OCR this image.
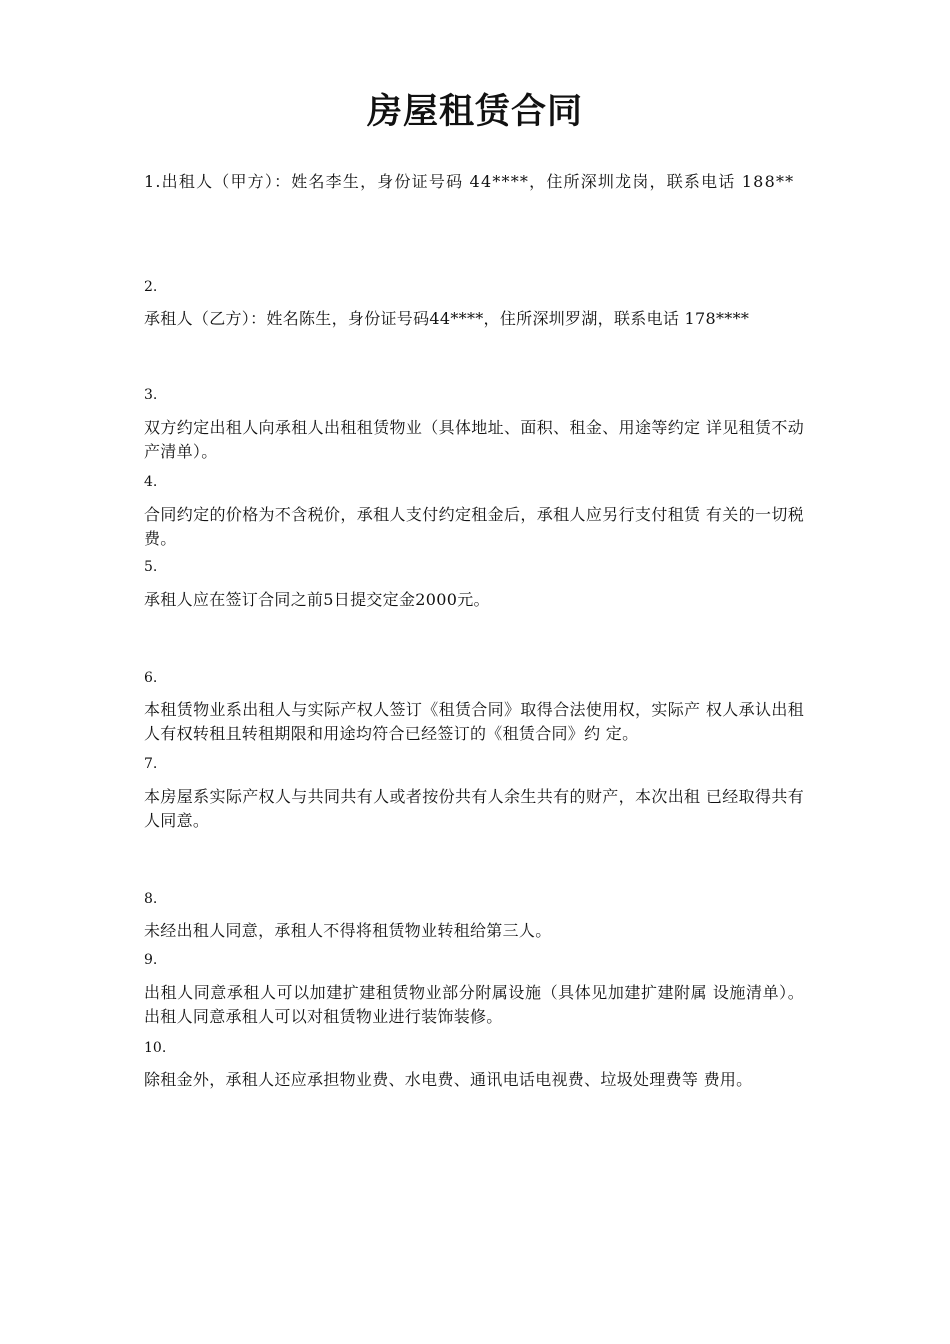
房屋租赁合同

1.出租人（甲方）：姓名李生，身份证号码 44****，住所深圳龙岗，联系电话 188**

2.

承租人（乙方）：姓名陈生，身份证号码44****，住所深圳罗湖，联系电话 178****

3.

双方约定出租人向承租人出租租赁物业（具体地址、面积、租金、用途等约定 详见租赁不动产清单）。

4.

合同约定的价格为不含税价，承租人支付约定租金后，承租人应另行支付租赁 有关的一切税费。

5.

承租人应在签订合同之前5日提交定金2000元。

6.

本租赁物业系出租人与实际产权人签订《租赁合同》取得合法使用权，实际产 权人承认出租人有权转租且转租期限和用途均符合已经签订的《租赁合同》约 定。

7.

本房屋系实际产权人与共同共有人或者按份共有人余生共有的财产，本次出租 已经取得共有人同意。

8.

未经出租人同意，承租人不得将租赁物业转租给第三人。

9.

出租人同意承租人可以加建扩建租赁物业部分附属设施（具体见加建扩建附属 设施清单）。出租人同意承租人可以对租赁物业进行装饰装修。

10.

除租金外，承租人还应承担物业费、水电费、通讯电话电视费、垃圾处理费等 费用。
